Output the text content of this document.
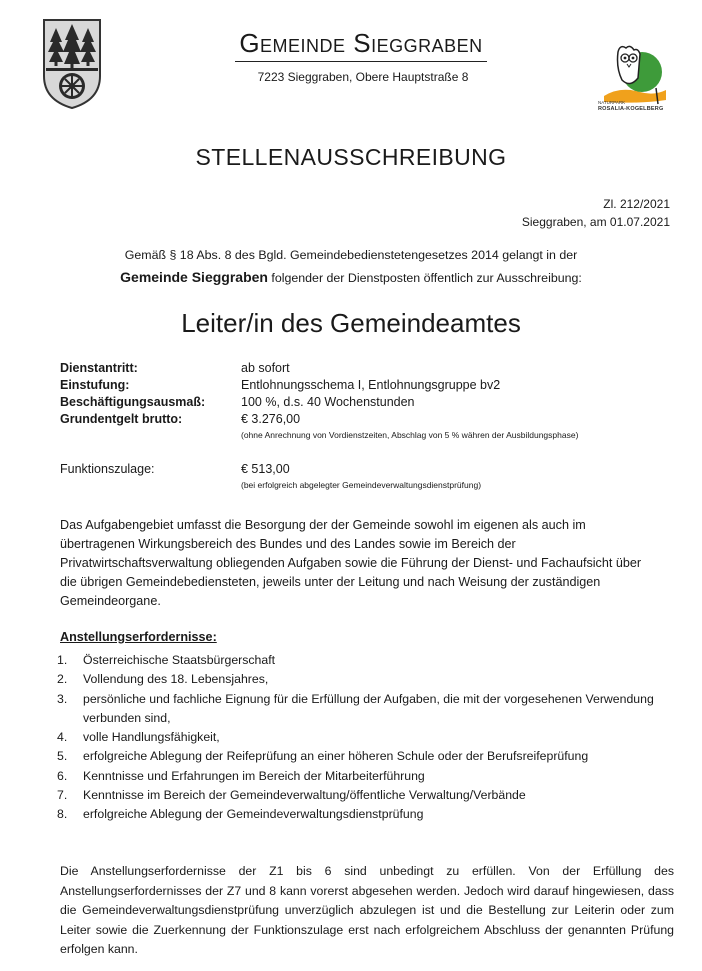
Gemeinde Sieggraben
7223 Sieggraben, Obere Hauptstraße 8
NATURPARK
ROSALIA-KOGELBERG
STELLENAUSSCHREIBUNG
Zl. 212/2021
Sieggraben, am 01.07.2021
Gemäß § 18 Abs. 8 des Bgld. Gemeindebedienstetengesetzes 2014 gelangt in der
Gemeinde Sieggraben folgender der Dienstposten öffentlich zur Ausschreibung:
Leiter/in des Gemeindeamtes
Dienstantritt:	ab sofort
Einstufung:	Entlohnungsschema I, Entlohnungsgruppe bv2
Beschäftigungsausmaß:	100 %, d.s. 40 Wochenstunden
Grundentgelt brutto:	€ 3.276,00
(ohne Anrechnung von Vordienstzeiten, Abschlag von 5 % währen der Ausbildungsphase)
Funktionszulage:	€ 513,00
(bei erfolgreich abgelegter Gemeindeverwaltungsdienstprüfung)
Das Aufgabengebiet umfasst die Besorgung der der Gemeinde sowohl im eigenen als auch im übertragenen Wirkungsbereich des Bundes und des Landes sowie im Bereich der Privatwirtschaftsverwaltung obliegenden Aufgaben sowie die Führung der Dienst- und Fachaufsicht über die übrigen Gemeindebediensteten, jeweils unter der Leitung und nach Weisung der zuständigen Gemeindeorgane.
Anstellungserfordernisse:
1.	Österreichische Staatsbürgerschaft
2.	Vollendung des 18. Lebensjahres,
3.	persönliche und fachliche Eignung für die Erfüllung der Aufgaben, die mit der vorgesehenen Verwendung verbunden sind,
4.	volle Handlungsfähigkeit,
5.	erfolgreiche Ablegung der Reifeprüfung an einer höheren Schule oder der Berufsreifeprüfung
6.	Kenntnisse und Erfahrungen im Bereich der Mitarbeiterführung
7.	Kenntnisse im Bereich der Gemeindeverwaltung/öffentliche Verwaltung/Verbände
8.	erfolgreiche Ablegung der Gemeindeverwaltungsdienstprüfung
Die Anstellungserfordernisse der Z1 bis 6 sind unbedingt zu erfüllen. Von der Erfüllung des Anstellungserfordernisses der Z7 und 8 kann vorerst abgesehen werden. Jedoch wird darauf hingewiesen, dass die Gemeindeverwaltungsdienstprüfung unverzüglich abzulegen ist und die Bestellung zur Leiterin oder zum Leiter sowie die Zuerkennung der Funktionszulage erst nach erfolgreichem Abschluss der genannten Prüfung erfolgen kann.
